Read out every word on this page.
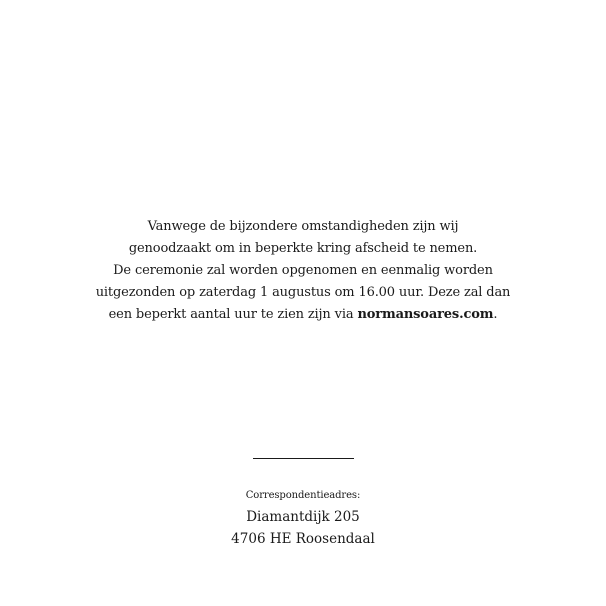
Vanwege de bijzondere omstandigheden zijn wij
genoodzaakt om in beperkte kring afscheid te nemen.
De ceremonie zal worden opgenomen en eenmalig worden
uitgezonden op zaterdag 1 augustus om 16.00 uur. Deze zal dan
een beperkt aantal uur te zien zijn via normansoares.com.
Correspondentieadres:
Diamantdijk 205
4706 HE Roosendaal
